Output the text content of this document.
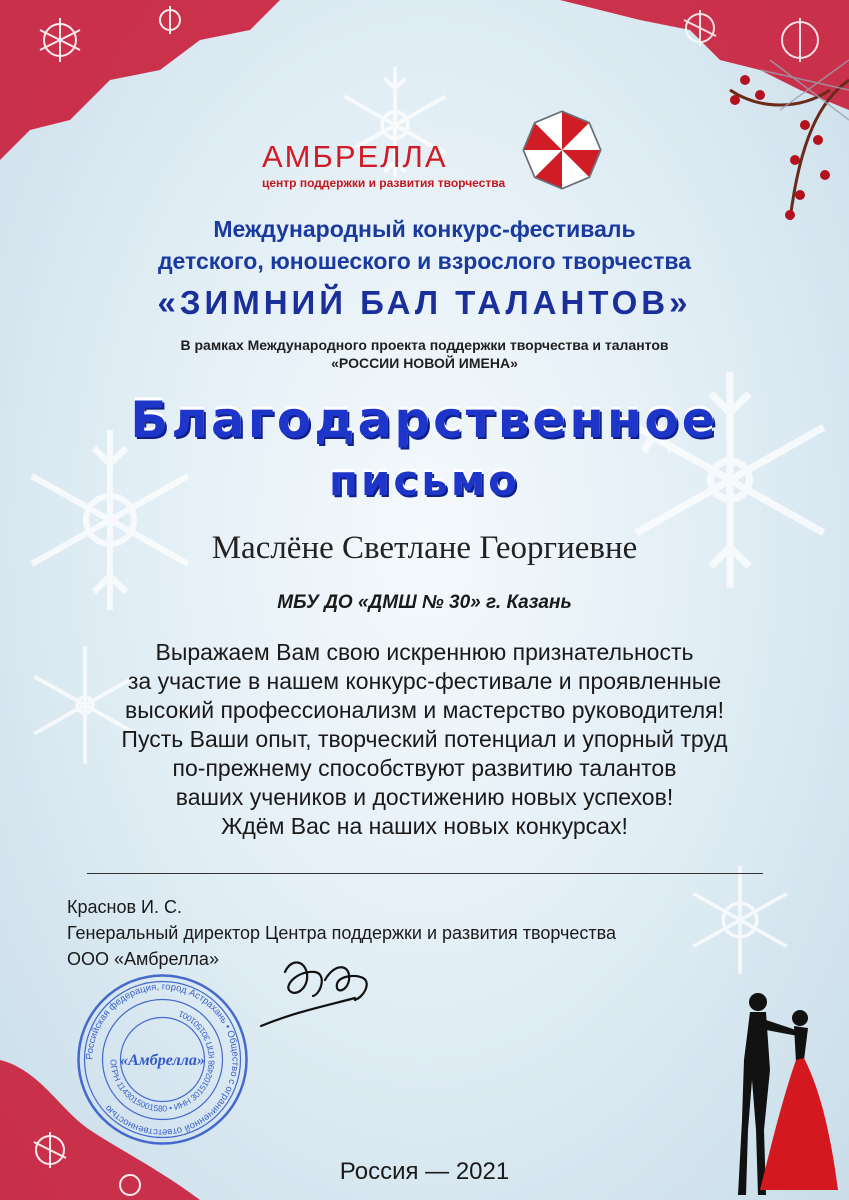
АМБРЕЛЛА
центр поддержки и развития творчества
Международный конкурс-фестиваль
детского, юношеского и взрослого творчества
«ЗИМНИЙ БАЛ ТАЛАНТОВ»
В рамках Международного проекта поддержки творчества и талантов
«РОССИИ НОВОЙ ИМЕНА»
Благодарственное
письмо
Маслёне Светлане Георгиевне
МБУ ДО «ДМШ № 30» г. Казань
Выражаем Вам свою искреннюю признательность
за участие в нашем конкурс-фестивале и проявленные
высокий профессионализм и мастерство руководителя!
Пусть Ваши опыт, творческий потенциал и упорный труд
по-прежнему способствуют развитию талантов
ваших учеников и достижению новых успехов!
Ждём Вас на наших новых конкурсах!
Краснов И. С.
Генеральный директор Центра поддержки и развития творчества
ООО «Амбрелла»
Российская федерация, город Астрахань • Общество с ограниченной ответственностью
ОГРН 1143015001580 • ИНН 3015102498 КПП 301501001
«Амбрелла»
Россия — 2021
